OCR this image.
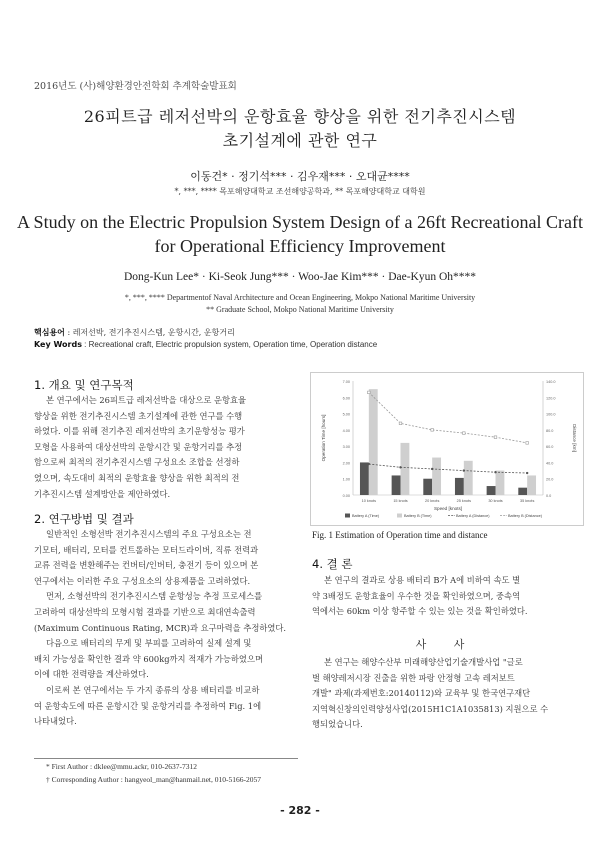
2016년도 (사)해양환경안전학회 추계학술발표회
26피트급 레저선박의 운항효율 향상을 위한 전기추진시스템
초기설계에 관한 연구
이동건* · 정기석*** · 김우재*** · 오대균****
*, ***, **** 목포해양대학교 조선해양공학과, ** 목포해양대학교 대학원
A Study on the Electric Propulsion System Design of a 26ft Recreational Craft
for Operational Efficiency Improvement
Dong-Kun Lee* · Ki-Seok Jung*** · Woo-Jae Kim*** · Dae-Kyun Oh****
*, ***, **** Departmentof Naval Architecture and Ocean Engineering, Mokpo National Maritime University
** Graduate School, Mokpo National Maritime University
핵심용어 : 레저선박, 전기추진시스템, 운항시간, 운항거리
Key Words : Recreational craft, Electric propulsion system, Operation time, Operation distance
1. 개요 및 연구목적
본 연구에서는 26피트급 레저선박을 대상으로 운항효율
향상을 위한 전기추진시스템 초기설계에 관한 연구를 수행
하였다. 이를 위해 전기추진 레저선박의 초기운항성능 평가
모형을 사용하여 대상선박의 운항시간 및 운항거리를 추정
함으로써 최적의 전기추진시스템 구성요소 조합을 선정하
였으며, 속도대비 최적의 운항효율 향상을 위한 최적의 전
기추진시스템 설계방안을 제안하였다.
2. 연구방법 및 결과
일반적인 소형선박 전기추진시스템의 주요 구성요소는 전
기모터, 배터리, 모터를 컨트롤하는 모터드라이버, 직류 전력과
교류 전력을 변환해주는 컨버터/인버터, 충전기 등이 있으며 본
연구에서는 이러한 주요 구성요소의 상용제품을 고려하였다.
먼저, 소형선박의 전기추진시스템 운항성능 추정 프로세스를
고려하여 대상선박의 모형시험 결과를 기반으로 최대연속출력
(Maximum Continuous Rating, MCR)과 요구마력을 추정하였다.
다음으로 배터리의 무게 및 부피를 고려하여 실제 설계 및
배치 가능성을 확인한 결과 약 600kg까지 적재가 가능하였으며
이에 대한 전력량을 계산하였다.
이로써 본 연구에서는 두 가지 종류의 상용 배터리를 비교하
여 운항속도에 따른 운항시간 및 운항거리를 추정하여 Fig. 1에
나타내었다.
* First Author : dklee@mmu.ackr, 010-2637-7312
† Corresponding Author : hangyeol_man@hanmail.net, 010-5166-2057
0.00
1.00
2.00
3.00
4.00
5.00
6.00
7.00
0.0
20.0
40.0
60.0
80.0
100.0
120.0
140.0
10 knots	15 knots	20 knots	25 knots	30 knots	35 knots
Speed [knots]
Operation Time [hours]	Distance [km]
Battery A (Time)	Battery B (Time)	Battery A (Distance)	Battery B (Distance)
Fig. 1 Estimation of Operation time and distance
4. 결 론
본 연구의 결과로 상용 배터리 B가 A에 비하여 속도 별
약 3배정도 운항효율이 우수한 것을 확인하였으며, 중속역
역에서는 60km 이상 항주할 수 있는 있는 것을 확인하였다.
사 사
본 연구는 해양수산부 미래해양산업기술개발사업 "글로
벌 해양레저시장 진출을 위한 파랑 안정형 고속 레저보트
개발" 과제(과제번호:20140112)와 교육부 및 한국연구재단
지역혁신창의인력양성사업(2015H1C1A1035813) 지원으로 수
행되었습니다.
- 282 -
